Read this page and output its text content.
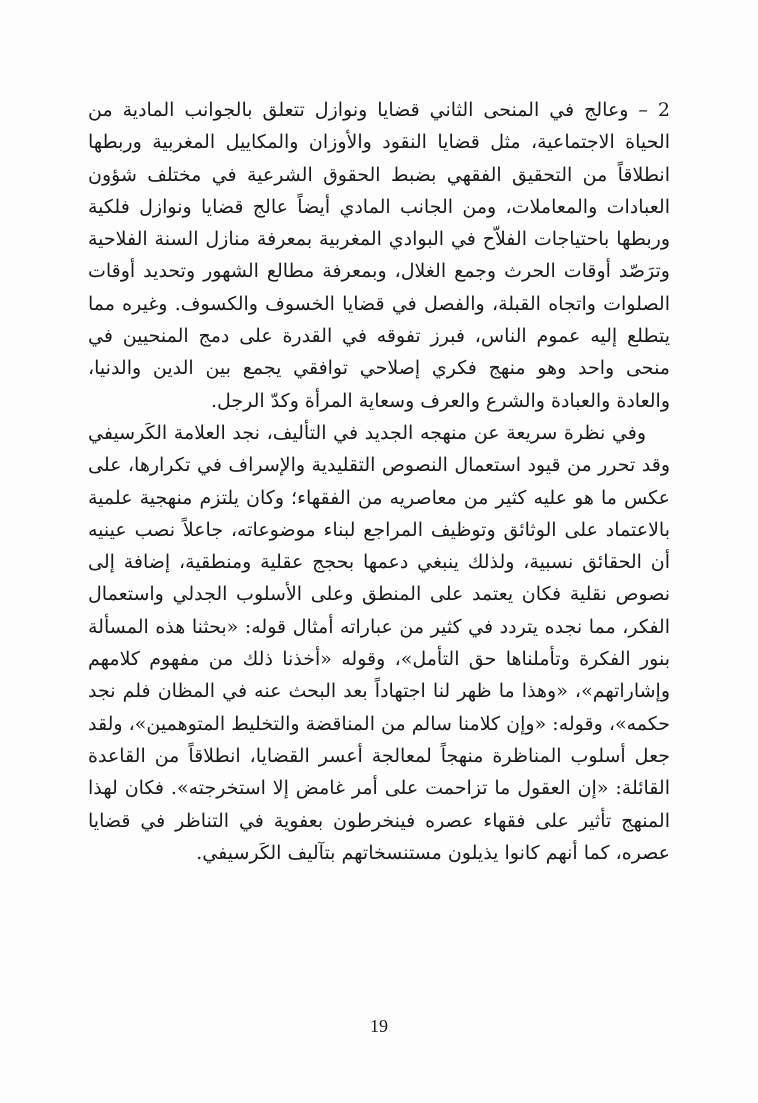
2 – وعالج في المنحى الثاني قضايا ونوازل تتعلق بالجوانب المادية من الحياة الاجتماعية، مثل قضايا النقود والأوزان والمكاييل المغربية وربطها انطلاقاً من التحقيق الفقهي بضبط الحقوق الشرعية في مختلف شؤون العبادات والمعاملات، ومن الجانب المادي أيضاً عالج قضايا ونوازل فلكية وربطها باحتياجات الفلاّح في البوادي المغربية بمعرفة منازل السنة الفلاحية وترَصّد أوقات الحرث وجمع الغلال، وبمعرفة مطالع الشهور وتحديد أوقات الصلوات واتجاه القبلة، والفصل في قضايا الخسوف والكسوف. وغيره مما يتطلع إليه عموم الناس، فبرز تفوقه في القدرة على دمج المنحيين في منحى واحد وهو منهج فكري إصلاحي توافقي يجمع بين الدين والدنيا، والعادة والعبادة والشرع والعرف وسعاية المرأة وكدّ الرجل.

وفي نظرة سريعة عن منهجه الجديد في التأليف، نجد العلامة الكَرسيفي وقد تحرر من قيود استعمال النصوص التقليدية والإسراف في تكرارها، على عكس ما هو عليه كثير من معاصريه من الفقهاء؛ وكان يلتزم منهجية علمية بالاعتماد على الوثائق وتوظيف المراجع لبناء موضوعاته، جاعلاً نصب عينيه أن الحقائق نسبية، ولذلك ينبغي دعمها بحجج عقلية ومنطقية، إضافة إلى نصوص نقلية فكان يعتمد على المنطق وعلى الأسلوب الجدلي واستعمال الفكر، مما نجده يتردد في كثير من عباراته أمثال قوله: «بحثنا هذه المسألة بنور الفكرة وتأملناها حق التأمل»، وقوله «أخذنا ذلك من مفهوم كلامهم وإشاراتهم»، «وهذا ما ظهر لنا اجتهاداً بعد البحث عنه في المظان فلم نجد حكمه»، وقوله: «وإن كلامنا سالم من المناقضة والتخليط المتوهمين»، ولقد جعل أسلوب المناظرة منهجاً لمعالجة أعسر القضايا، انطلاقاً من القاعدة القائلة: «إن العقول ما تزاحمت على أمر غامض إلا استخرجته». فكان لهذا المنهج تأثير على فقهاء عصره فينخرطون بعفوية في التناظر في قضايا عصره، كما أنهم كانوا يذيلون مستنسخاتهم بتآليف الكَرسيفي.

19
